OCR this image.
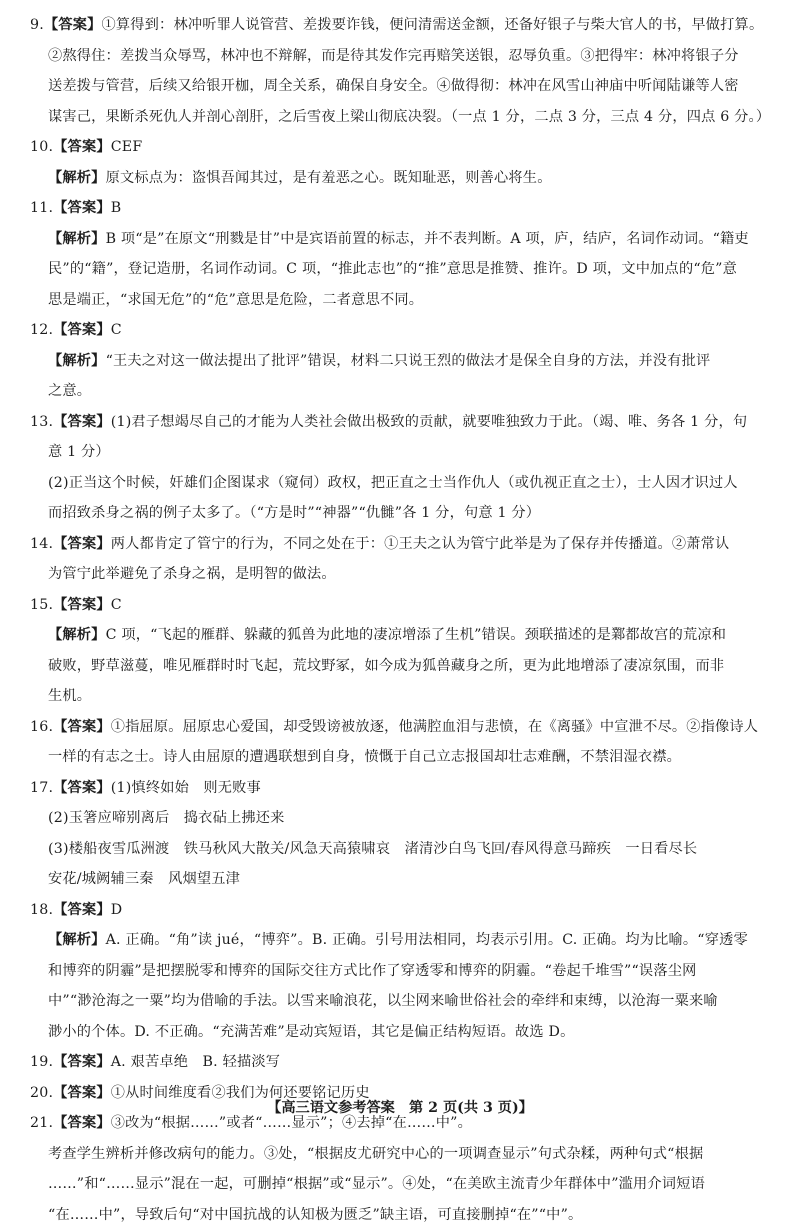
9.【答案】①算得到：林冲听罪人说管营、差拨要诈钱，便问清需送金额，还备好银子与柴大官人的书，早做打算。
②熬得住：差拨当众辱骂，林冲也不辩解，而是待其发作完再赔笑送银，忍辱负重。③把得牢：林冲将银子分
送差拨与管营，后续又给银开枷，周全关系，确保自身安全。④做得彻：林冲在风雪山神庙中听闻陆谦等人密
谋害己，果断杀死仇人并剖心剖肝，之后雪夜上梁山彻底决裂。（一点 1 分，二点 3 分，三点 4 分，四点 6 分。）
10.【答案】CEF
【解析】原文标点为：盗惧吾闻其过，是有羞恶之心。既知耻恶，则善心将生。
11.【答案】B
【解析】B 项“是”在原文“刑戮是甘”中是宾语前置的标志，并不表判断。A 项，庐，结庐，名词作动词。“籍吏
民”的“籍”，登记造册，名词作动词。C 项，“推此志也”的“推”意思是推赞、推许。D 项，文中加点的“危”意
思是端正，“求国无危”的“危”意思是危险，二者意思不同。
12.【答案】C
【解析】“王夫之对这一做法提出了批评”错误，材料二只说王烈的做法才是保全自身的方法，并没有批评
之意。
13.【答案】(1)君子想竭尽自己的才能为人类社会做出极致的贡献，就要唯独致力于此。（竭、唯、务各 1 分，句
意 1 分）
(2)正当这个时候，奸雄们企图谋求（窥伺）政权，把正直之士当作仇人（或仇视正直之士），士人因才识过人
而招致杀身之祸的例子太多了。（“方是时”“神器”“仇雠”各 1 分，句意 1 分）
14.【答案】两人都肯定了管宁的行为，不同之处在于：①王夫之认为管宁此举是为了保存并传播道。②萧常认
为管宁此举避免了杀身之祸，是明智的做法。
15.【答案】C
【解析】C 项，“飞起的雁群、躲藏的狐兽为此地的凄凉增添了生机”错误。颈联描述的是鄴都故宫的荒凉和
破败，野草滋蔓，唯见雁群时时飞起，荒坟野冢，如今成为狐兽藏身之所，更为此地增添了凄凉氛围，而非
生机。
16.【答案】①指屈原。屈原忠心爱国，却受毁谤被放逐，他满腔血泪与悲愤，在《离骚》中宣泄不尽。②指像诗人
一样的有志之士。诗人由屈原的遭遇联想到自身，愤慨于自己立志报国却壮志难酬，不禁泪湿衣襟。
17.【答案】(1)慎终如始　则无败事
(2)玉箸应啼别离后　捣衣砧上拂还来
(3)楼船夜雪瓜洲渡　铁马秋风大散关/风急天高猿啸哀　渚清沙白鸟飞回/春风得意马蹄疾　一日看尽长
安花/城阙辅三秦　风烟望五津
18.【答案】D
【解析】A. 正确。“角”读 jué，“博弈”。B. 正确。引号用法相同，均表示引用。C. 正确。均为比喻。“穿透零
和博弈的阴霾”是把摆脱零和博弈的国际交往方式比作了穿透零和博弈的阴霾。“卷起千堆雪”“误落尘网
中”“渺沧海之一粟”均为借喻的手法。以雪来喻浪花，以尘网来喻世俗社会的牵绊和束缚，以沧海一粟来喻
渺小的个体。D. 不正确。“充满苦难”是动宾短语，其它是偏正结构短语。故选 D。
19.【答案】A. 艰苦卓绝　B. 轻描淡写
20.【答案】①从时间维度看②我们为何还要铭记历史
21.【答案】③改为“根据……”或者“……显示”；④去掉“在……中”。
考查学生辨析并修改病句的能力。③处，“根据皮尤研究中心的一项调查显示”句式杂糅，两种句式“根据
……”和“……显示”混在一起，可删掉“根据”或“显示”。④处，“在美欧主流青少年群体中”滥用介词短语
“在……中”，导致后句“对中国抗战的认知极为匮乏”缺主语，可直接删掉“在”“中”。
【高三语文参考答案　第 2 页(共 3 页)】
